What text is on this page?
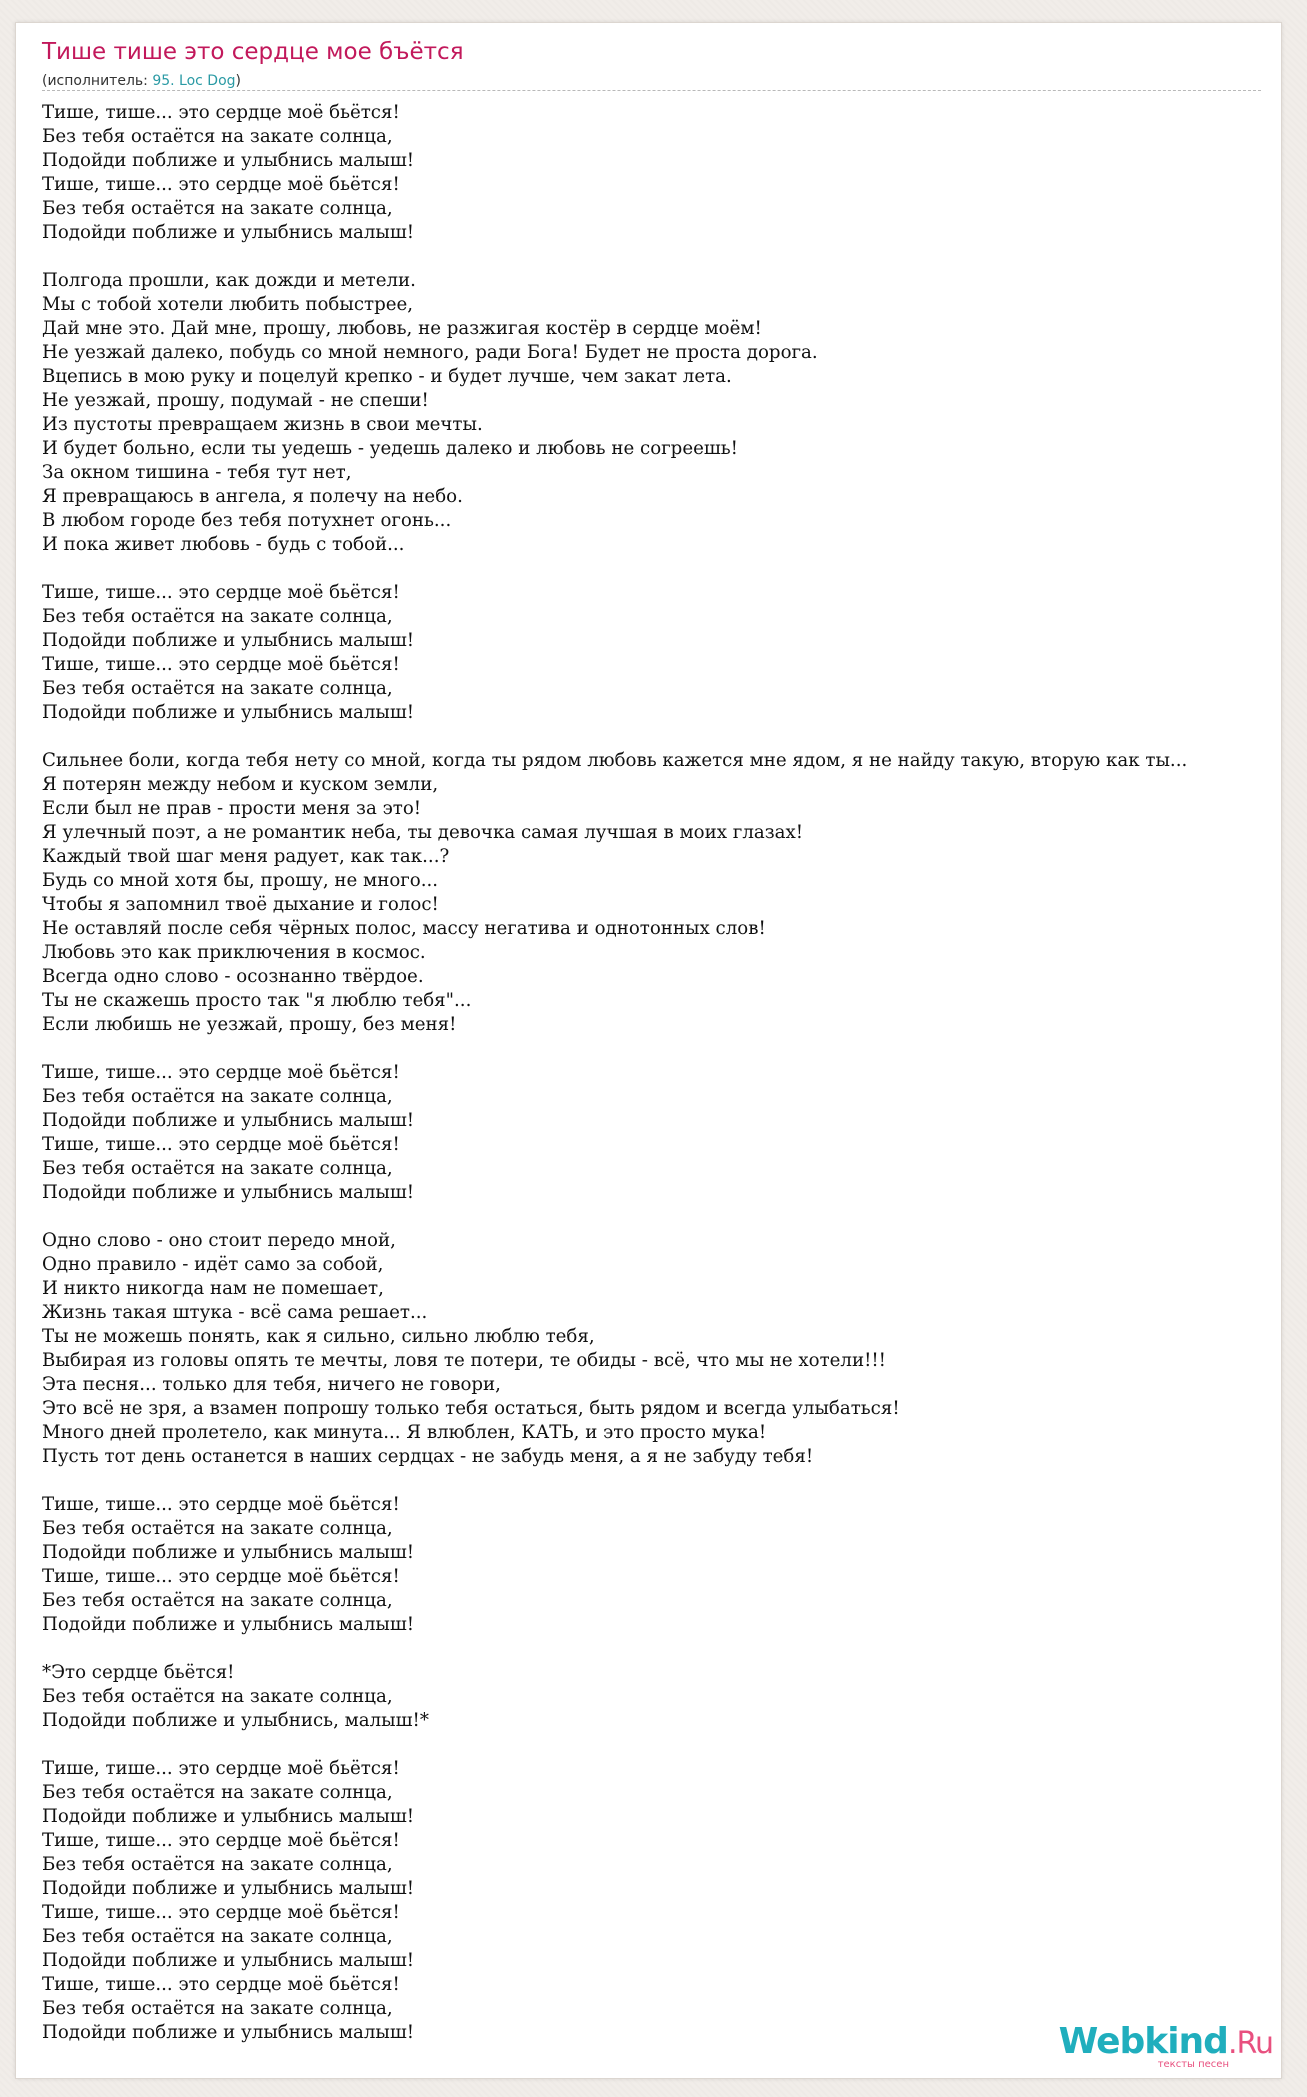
Тише тише это сердце мое бъётся
(исполнитель: 95. Loc Dog)
Тише, тише... это сердце моё бьётся!
Без тебя остаётся на закате солнца,
Подойди поближе и улыбнись малыш!
Тише, тише... это сердце моё бьётся!
Без тебя остаётся на закате солнца,
Подойди поближе и улыбнись малыш!

Полгода прошли, как дожди и метели.
Мы с тобой хотели любить побыстрее,
Дай мне это. Дай мне, прошу, любовь, не разжигая костёр в сердце моём!
Не уезжай далеко, побудь со мной немного, ради Бога! Будет не проста дорога.
Вцепись в мою руку и поцелуй крепко - и будет лучше, чем закат лета.
Не уезжай, прошу, подумай - не спеши!
Из пустоты превращаем жизнь в свои мечты.
И будет больно, если ты уедешь - уедешь далеко и любовь не согреешь!
За окном тишина - тебя тут нет,
Я превращаюсь в ангела, я полечу на небо.
В любом городе без тебя потухнет огонь...
И пока живет любовь - будь с тобой...

Тише, тише... это сердце моё бьётся!
Без тебя остаётся на закате солнца,
Подойди поближе и улыбнись малыш!
Тише, тише... это сердце моё бьётся!
Без тебя остаётся на закате солнца,
Подойди поближе и улыбнись малыш!

Сильнее боли, когда тебя нету со мной, когда ты рядом любовь кажется мне ядом, я не найду такую, вторую как ты...
Я потерян между небом и куском земли,
Если был не прав - прости меня за это!
Я улечный поэт, а не романтик неба, ты девочка самая лучшая в моих глазах!
Каждый твой шаг меня радует, как так...?
Будь со мной хотя бы, прошу, не много...
Чтобы я запомнил твоё дыхание и голос!
Не оставляй после себя чёрных полос, массу негатива и однотонных слов!
Любовь это как приключения в космос.
Всегда одно слово - осознанно твёрдое.
Ты не скажешь просто так "я люблю тебя"...
Если любишь не уезжай, прошу, без меня!

Тише, тише... это сердце моё бьётся!
Без тебя остаётся на закате солнца,
Подойди поближе и улыбнись малыш!
Тише, тише... это сердце моё бьётся!
Без тебя остаётся на закате солнца,
Подойди поближе и улыбнись малыш!

Одно слово - оно стоит передо мной,
Одно правило - идёт само за собой,
И никто никогда нам не помешает,
Жизнь такая штука - всё сама решает...
Ты не можешь понять, как я сильно, сильно люблю тебя,
Выбирая из головы опять те мечты, ловя те потери, те обиды - всё, что мы не хотели!!!
Эта песня... только для тебя, ничего не говори,
Это всё не зря, а взамен попрошу только тебя остаться, быть рядом и всегда улыбаться!
Много дней пролетело, как минута... Я влюблен, КАТЬ, и это просто мука!
Пусть тот день останется в наших сердцах - не забудь меня, а я не забуду тебя!

Тише, тише... это сердце моё бьётся!
Без тебя остаётся на закате солнца,
Подойди поближе и улыбнись малыш!
Тише, тише... это сердце моё бьётся!
Без тебя остаётся на закате солнца,
Подойди поближе и улыбнись малыш!

*Это сердце бьётся!
Без тебя остаётся на закате солнца,
Подойди поближе и улыбнись, малыш!*

Тише, тише... это сердце моё бьётся!
Без тебя остаётся на закате солнца,
Подойди поближе и улыбнись малыш!
Тише, тише... это сердце моё бьётся!
Без тебя остаётся на закате солнца,
Подойди поближе и улыбнись малыш!
Тише, тише... это сердце моё бьётся!
Без тебя остаётся на закате солнца,
Подойди поближе и улыбнись малыш!
Тише, тише... это сердце моё бьётся!
Без тебя остаётся на закате солнца,
Подойди поближе и улыбнись малыш!	Webkind.Ru
тексты песен
